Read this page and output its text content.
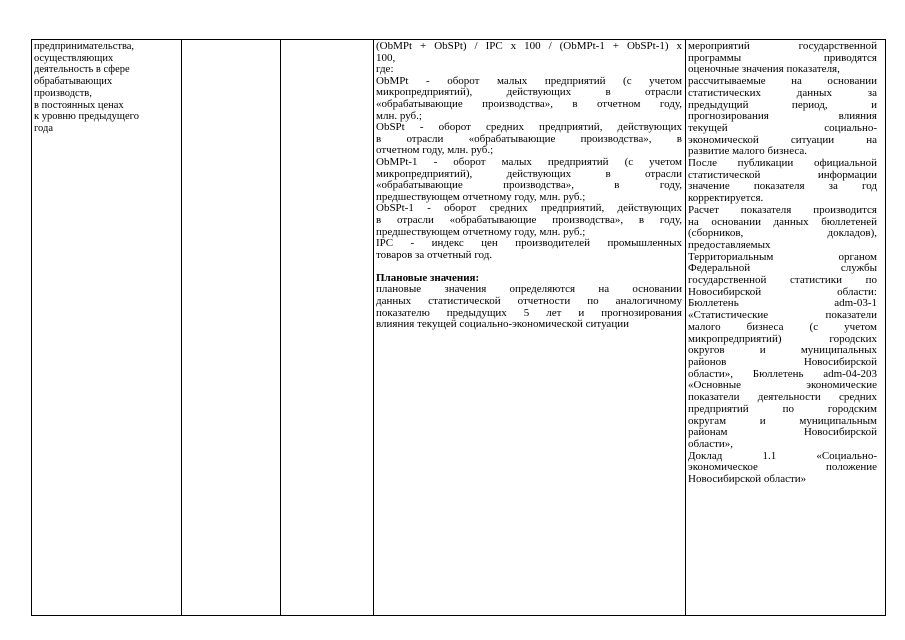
предпринимательства,
осуществляющих
деятельность в сфере
обрабатывающих
производств,
в постоянных ценах
к уровню предыдущего
года
(ObMPt + ObSPt) / IPC x 100 / (ObMPt-1 + ObSPt-1) x
100,
где:
ObMPt - оборот малых предприятий (с учетом
микропредприятий), действующих в отрасли
«обрабатывающие производства», в отчетном году,
млн. руб.;
ObSPt - оборот средних предприятий, действующих
в отрасли «обрабатывающие производства», в
отчетном году, млн. руб.;
ObMPt-1 - оборот малых предприятий (с учетом
микропредприятий), действующих в отрасли
«обрабатывающие производства», в году,
предшествующем отчетному году, млн. руб.;
ObSPt-1 - оборот средних предприятий, действующих
в отрасли «обрабатывающие производства», в году,
предшествующем отчетному году, млн. руб.;
IPC - индекс цен производителей промышленных
товаров за отчетный год.
Плановые значения:
плановые значения определяются на основании
данных статистической отчетности по аналогичному
показателю предыдущих 5 лет и прогнозирования
влияния текущей социально-экономической ситуации
мероприятий государственной
программы приводятся
оценочные значения показателя,
рассчитываемые на основании
статистических данных за
предыдущий период, и
прогнозирования влияния
текущей социально-
экономической ситуации на
развитие малого бизнеса.
После публикации официальной
статистической информации
значение показателя за год
корректируется.
Расчет показателя производится
на основании данных бюллетеней
(сборников, докладов),
предоставляемых
Территориальным органом
Федеральной службы
государственной статистики по
Новосибирской области:
Бюллетень adm-03-1
«Статистические показатели
малого бизнеса (с учетом
микропредприятий) городских
округов и муниципальных
районов Новосибирской
области», Бюллетень adm-04-203
«Основные экономические
показатели деятельности средних
предприятий по городским
округам и муниципальным
районам Новосибирской
области»,
Доклад 1.1 «Социально-
экономическое положение
Новосибирской области»
